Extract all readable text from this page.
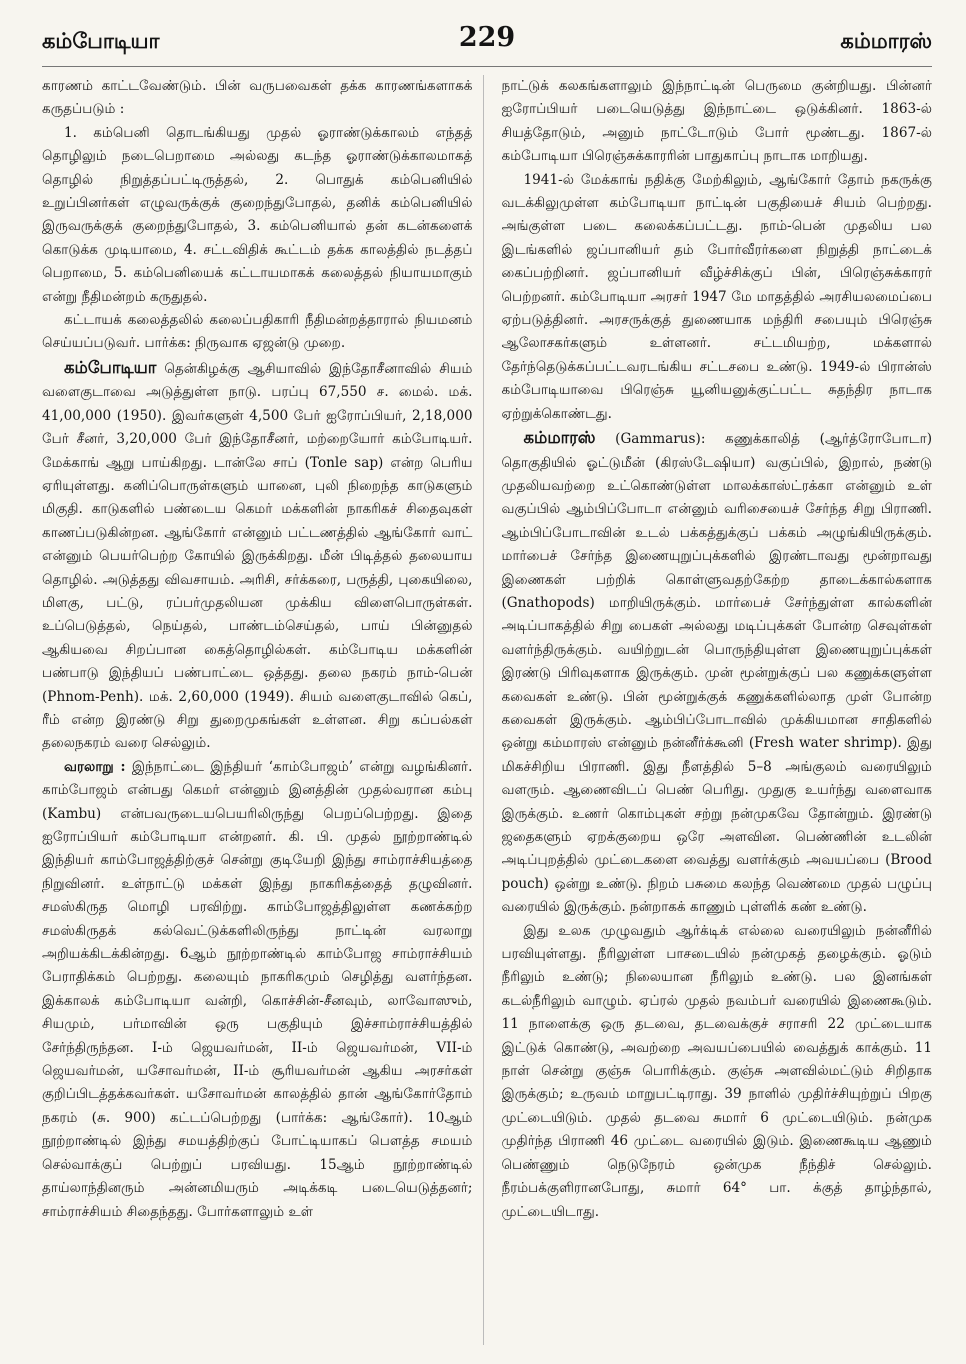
கம்போடியா	229	கம்மாரஸ்

காரணம் காட்டவேண்டும். பின் வருபவைகள் தக்க காரணங்களாகக் கருதப்படும் :

1. கம்பெனி தொடங்கியது முதல் ஓராண்டுக்காலம் எந்தத் தொழிலும் நடைபெறாமை அல்லது கடந்த ஓராண்டுக்காலமாகத் தொழில் நிறுத்தப்பட்டிருத்தல், 2. பொதுக் கம்பெனியில் உறுப்பினர்கள் எழுவருக்குக் குறைந்துபோதல், தனிக் கம்பெனியில் இருவருக்குக் குறைந்துபோதல், 3. கம்பெனியால் தன் கடன்களைக் கொடுக்க முடியாமை, 4. சட்டவிதிக் கூட்டம் தக்க காலத்தில் நடத்தப் பெறாமை, 5. கம்பெனியைக் கட்டாயமாகக் கலைத்தல் நியாயமாகும் என்று நீதிமன்றம் கருதுதல்.

கட்டாயக் கலைத்தலில் கலைப்பதிகாரி நீதிமன்றத்தாரால் நியமனம் செய்யப்படுவர். பார்க்க: நிருவாக ஏஜன்டு முறை.

கம்போடியா தென்கிழக்கு ஆசியாவில் இந்தோசீனாவில் சியம் வளைகுடாவை அடுத்துள்ள நாடு. பரப்பு 67,550 ச. மைல். மக். 41,00,000 (1950). இவர்களுள் 4,500 பேர் ஐரோப்பியர், 2,18,000 பேர் சீனர், 3,20,000 பேர் இந்தோசீனர், மற்றையோர் கம்போடியர். மேக்காங் ஆறு பாய்கிறது. டான்லே சாப் (Tonle sap) என்ற பெரிய ஏரியுள்ளது. கனிப்பொருள்களும் யானை, புலி நிறைந்த காடுகளும் மிகுதி. காடுகளில் பண்டைய கெமர் மக்களின் நாகரிகச் சிதைவுகள் காணப்படுகின்றன. ஆங்கோர் என்னும் பட்டணத்தில் ஆங்கோர் வாட் என்னும் பெயர்பெற்ற கோயில் இருக்கிறது. மீன் பிடித்தல் தலையாய தொழில். அடுத்தது விவசாயம். அரிசி, சர்க்கரை, பருத்தி, புகையிலை, மிளகு, பட்டு, ரப்பர்முதலியன முக்கிய விளைபொருள்கள். உப்பெடுத்தல், நெய்தல், பாண்டம்செய்தல், பாய் பின்னுதல் ஆகியவை சிறப்பான கைத்தொழில்கள். கம்போடிய மக்களின் பண்பாடு இந்தியப் பண்பாட்டை ஒத்தது. தலை நகரம் நாம்-பென் (Phnom-Penh). மக். 2,60,000 (1949). சியம் வளைகுடாவில் கெப், ரீம் என்ற இரண்டு சிறு துறைமுகங்கள் உள்ளன. சிறு கப்பல்கள் தலைநகரம் வரை செல்லும்.

வரலாறு : இந்நாட்டை இந்தியர் ‘காம்போஜம்’ என்று வழங்கினர். காம்போஜம் என்பது கெமர் என்னும் இனத்தின் முதல்வரான கம்பு (Kambu) என்பவருடையபெயரிலிருந்து பெறப்பெற்றது. இதை ஐரோப்பியர் கம்போடியா என்றனர். கி. பி. முதல் நூற்றாண்டில் இந்தியர் காம்போஜத்திற்குச் சென்று குடியேறி இந்து சாம்ராச்சியத்தை நிறுவினர். உள்நாட்டு மக்கள் இந்து நாகரிகத்தைத் தழுவினர். சமஸ்கிருத மொழி பரவிற்று. காம்போஜத்திலுள்ள கணக்கற்ற சமஸ்கிருதக் கல்வெட்டுக்களிலிருந்து நாட்டின் வரலாறு அறியக்கிடக்கின்றது. 6ஆம் நூற்றாண்டில் காம்போஜ சாம்ராச்சியம் பேராதிக்கம் பெற்றது. கலையும் நாகரிகமும் செழித்து வளர்ந்தன. இக்காலக் கம்போடியா வன்றி, கொச்சின்-சீனவும், லாவோஸும், சியமும், பர்மாவின் ஒரு பகுதியும் இச்சாம்ராச்சியத்தில் சேர்ந்திருந்தன. I-ம் ஜெயவர்மன், II-ம் ஜெயவர்மன், VII-ம் ஜெயவர்மன், யசோவர்மன், II-ம் சூரியவர்மன் ஆகிய அரசர்கள் குறிப்பிடத்தக்கவர்கள். யசோவர்மன் காலத்தில் தான் ஆங்கோர்தோம் நகரம் (சு. 900) கட்டப்பெற்றது (பார்க்க: ஆங்கோர்). 10ஆம் நூற்றாண்டில் இந்து சமயத்திற்குப் போட்டியாகப் பௌத்த சமயம் செல்வாக்குப் பெற்றுப் பரவியது. 15ஆம் நூற்றாண்டில் தாய்லாந்தினரும் அன்னமியரும் அடிக்கடி படையெடுத்தனர்; சாம்ராச்சியம் சிதைந்தது. போர்களாலும் உள்

நாட்டுக் கலகங்களாலும் இந்நாட்டின் பெருமை குன்றியது. பின்னர் ஐரோப்பியர் படையெடுத்து இந்நாட்டை ஒடுக்கினர். 1863-ல் சியத்தோடும், அனும் நாட்டோடும் போர் மூண்டது. 1867-ல் கம்போடியா பிரெஞ்சுக்காரரின் பாதுகாப்பு நாடாக மாறியது.

1941-ல் மேக்காங் நதிக்கு மேற்கிலும், ஆங்கோர் தோம் நகருக்கு வடக்கிலுமுள்ள கம்போடியா நாட்டின் பகுதியைச் சியம் பெற்றது. அங்குள்ள படை கலைக்கப்பட்டது. நாம்-பென் முதலிய பல இடங்களில் ஜப்பானியர் தம் போர்வீரர்களை நிறுத்தி நாட்டைக் கைப்பற்றினர். ஜப்பானியர் வீழ்ச்சிக்குப் பின், பிரெஞ்சுக்காரர் பெற்றனர். கம்போடியா அரசர் 1947 மே மாதத்தில் அரசியலமைப்பை ஏற்படுத்தினர். அரசருக்குத் துணையாக மந்திரி சபையும் பிரெஞ்சு ஆலோசகர்களும் உள்ளனர். சட்டமியற்ற, மக்களால் தேர்ந்தெடுக்கப்பட்டவரடங்கிய சட்டசபை உண்டு. 1949-ல் பிரான்ஸ் கம்போடியாவை பிரெஞ்சு யூனியனுக்குட்பட்ட சுதந்திர நாடாக ஏற்றுக்கொண்டது.

கம்மாரஸ் (Gammarus): கணுக்காலித் (ஆர்த்ரோபோடா) தொகுதியில் ஓட்டுமீன் (கிரஸ்டேஷியா) வகுப்பில், இறால், நண்டு முதலியவற்றை உட்கொண்டுள்ள மாலக்காஸ்ட்ரக்கா என்னும் உள் வகுப்பில் ஆம்பிப்போடா என்னும் வரிசையைச் சேர்ந்த சிறு பிராணி. ஆம்பிப்போடாவின் உடல் பக்கத்துக்குப் பக்கம் அழுங்கியிருக்கும். மார்பைச் சேர்ந்த இணையுறுப்புக்களில் இரண்டாவது மூன்றாவது இணைகள் பற்றிக் கொள்ளுவதற்கேற்ற தாடைக்கால்களாக (Gnathopods) மாறியிருக்கும். மார்பைச் சேர்ந்துள்ள கால்களின் அடிப்பாகத்தில் சிறு பைகள் அல்லது மடிப்புக்கள் போன்ற செவுள்கள் வளர்ந்திருக்கும். வயிற்றுடன் பொருந்தியுள்ள இணையுறுப்புக்கள் இரண்டு பிரிவுகளாக இருக்கும். முன் மூன்றுக்குப் பல கணுக்களுள்ள கவைகள் உண்டு. பின் மூன்றுக்குக் கணுக்களில்லாத முள் போன்ற கவைகள் இருக்கும். ஆம்பிப்போடாவில் முக்கியமான சாதிகளில் ஒன்று கம்மாரஸ் என்னும் நன்னீர்க்கூனி (Fresh water shrimp). இது மிகச்சிறிய பிராணி. இது நீளத்தில் 5–8 அங்குலம் வரையிலும் வளரும். ஆணைவிடப் பெண் பெரிது. முதுகு உயர்ந்து வளைவாக இருக்கும். உணர் கொம்புகள் சற்று நன்முகவே தோன்றும். இரண்டு ஜதைகளும் ஏறக்குறைய ஒரே அளவின. பெண்ணின் உடலின் அடிப்புறத்தில் முட்டைகளை வைத்து வளர்க்கும் அவயப்பை (Brood pouch) ஒன்று உண்டு. நிறம் பசுமை கலந்த வெண்மை முதல் பழுப்பு வரையில் இருக்கும். நன்றாகக் காணும் புள்ளிக் கண் உண்டு.

இது உலக முழுவதும் ஆர்க்டிக் எல்லை வரையிலும் நன்னீரில் பரவியுள்ளது. நீரிலுள்ள பாசடையில் நன்முகத் தழைக்கும். ஓடும் நீரிலும் உண்டு; நிலையான நீரிலும் உண்டு. பல இனங்கள் கடல்நீரிலும் வாழும். ஏப்ரல் முதல் நவம்பர் வரையில் இணைகூடும். 11 நாளைக்கு ஒரு தடவை, தடவைக்குச் சராசரி 22 முட்டையாக இட்டுக் கொண்டு, அவற்றை அவயப்பையில் வைத்துக் காக்கும். 11 நாள் சென்று குஞ்சு பொரிக்கும். குஞ்சு அளவில்மட்டும் சிறிதாக இருக்கும்; உருவம் மாறுபட்டிராது. 39 நாளில் முதிர்ச்சியுற்றுப் பிறகு முட்டையிடும். முதல் தடவை சுமார் 6 முட்டையிடும். நன்முக முதிர்ந்த பிராணி 46 முட்டை வரையில் இடும். இணைகூடிய ஆணும் பெண்ணும் நெடுநேரம் ஒன்முக நீந்திச் செல்லும். நீரம்பக்குளிரானபோது, சுமார் 64° பா. க்குத் தாழ்ந்தால், முட்டையிடாது.
